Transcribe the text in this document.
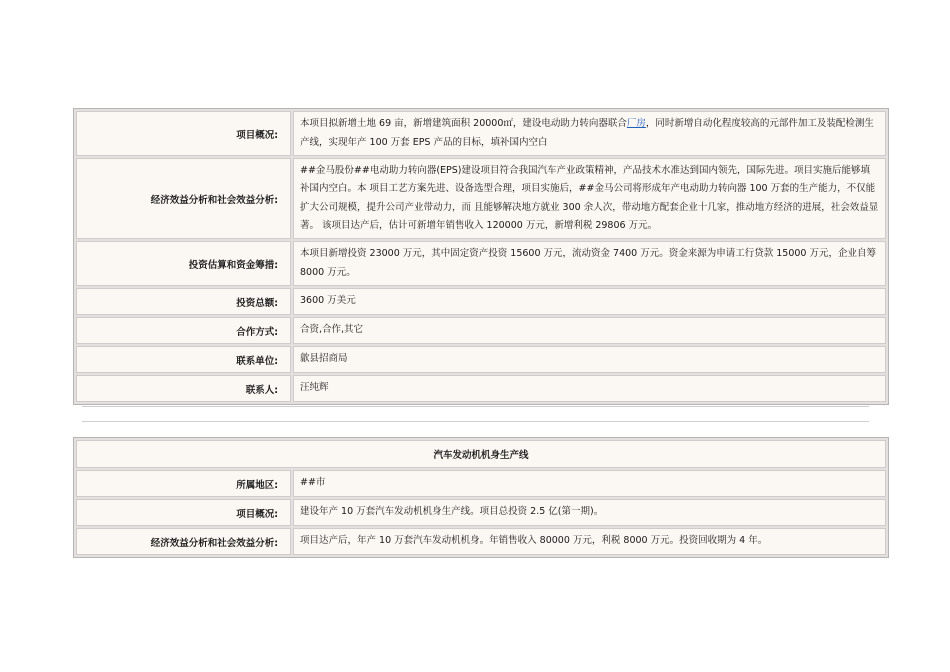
项目概况:
本项目拟新增土地 69 亩，新增建筑面积 20000㎡，建设电动助力转向器联合厂房，同时新增自动化程度较高的元部件加工及装配检测生产线，实现年产 100 万套 EPS 产品的目标，填补国内空白
经济效益分析和社会效益分析:
##金马股份##电动助力转向器(EPS)建设项目符合我国汽车产业政策精神，产品技术水准达到国内领先，国际先进。项目实施后能够填补国内空白。本 项目工艺方案先进、设备选型合理，项目实施后，##金马公司将形成年产电动助力转向器 100 万套的生产能力，不仅能扩大公司规模，提升公司产业带动力，而 且能够解决地方就业 300 余人次，带动地方配套企业十几家，推动地方经济的进展，社会效益显著。 该项目达产后，估计可新增年销售收入 120000 万元，新增利税 29806 万元。
投资估算和资金筹措:
本项目新增投资 23000 万元，其中固定资产投资 15600 万元，流动资金 7400 万元。资金来源为申请工行贷款 15000 万元，企业自筹 8000 万元。
投资总额:	3600 万美元
合作方式:	合资,合作,其它
联系单位:	歙县招商局
联系人:	汪纯辉
汽车发动机机身生产线
所属地区:	##市
项目概况:	建设年产 10 万套汽车发动机机身生产线。项目总投资 2.5 亿(第一期)。
经济效益分析和社会效益分析:	项目达产后，年产 10 万套汽车发动机机身。年销售收入 80000 万元，利税 8000 万元。投资回收期为 4 年。
